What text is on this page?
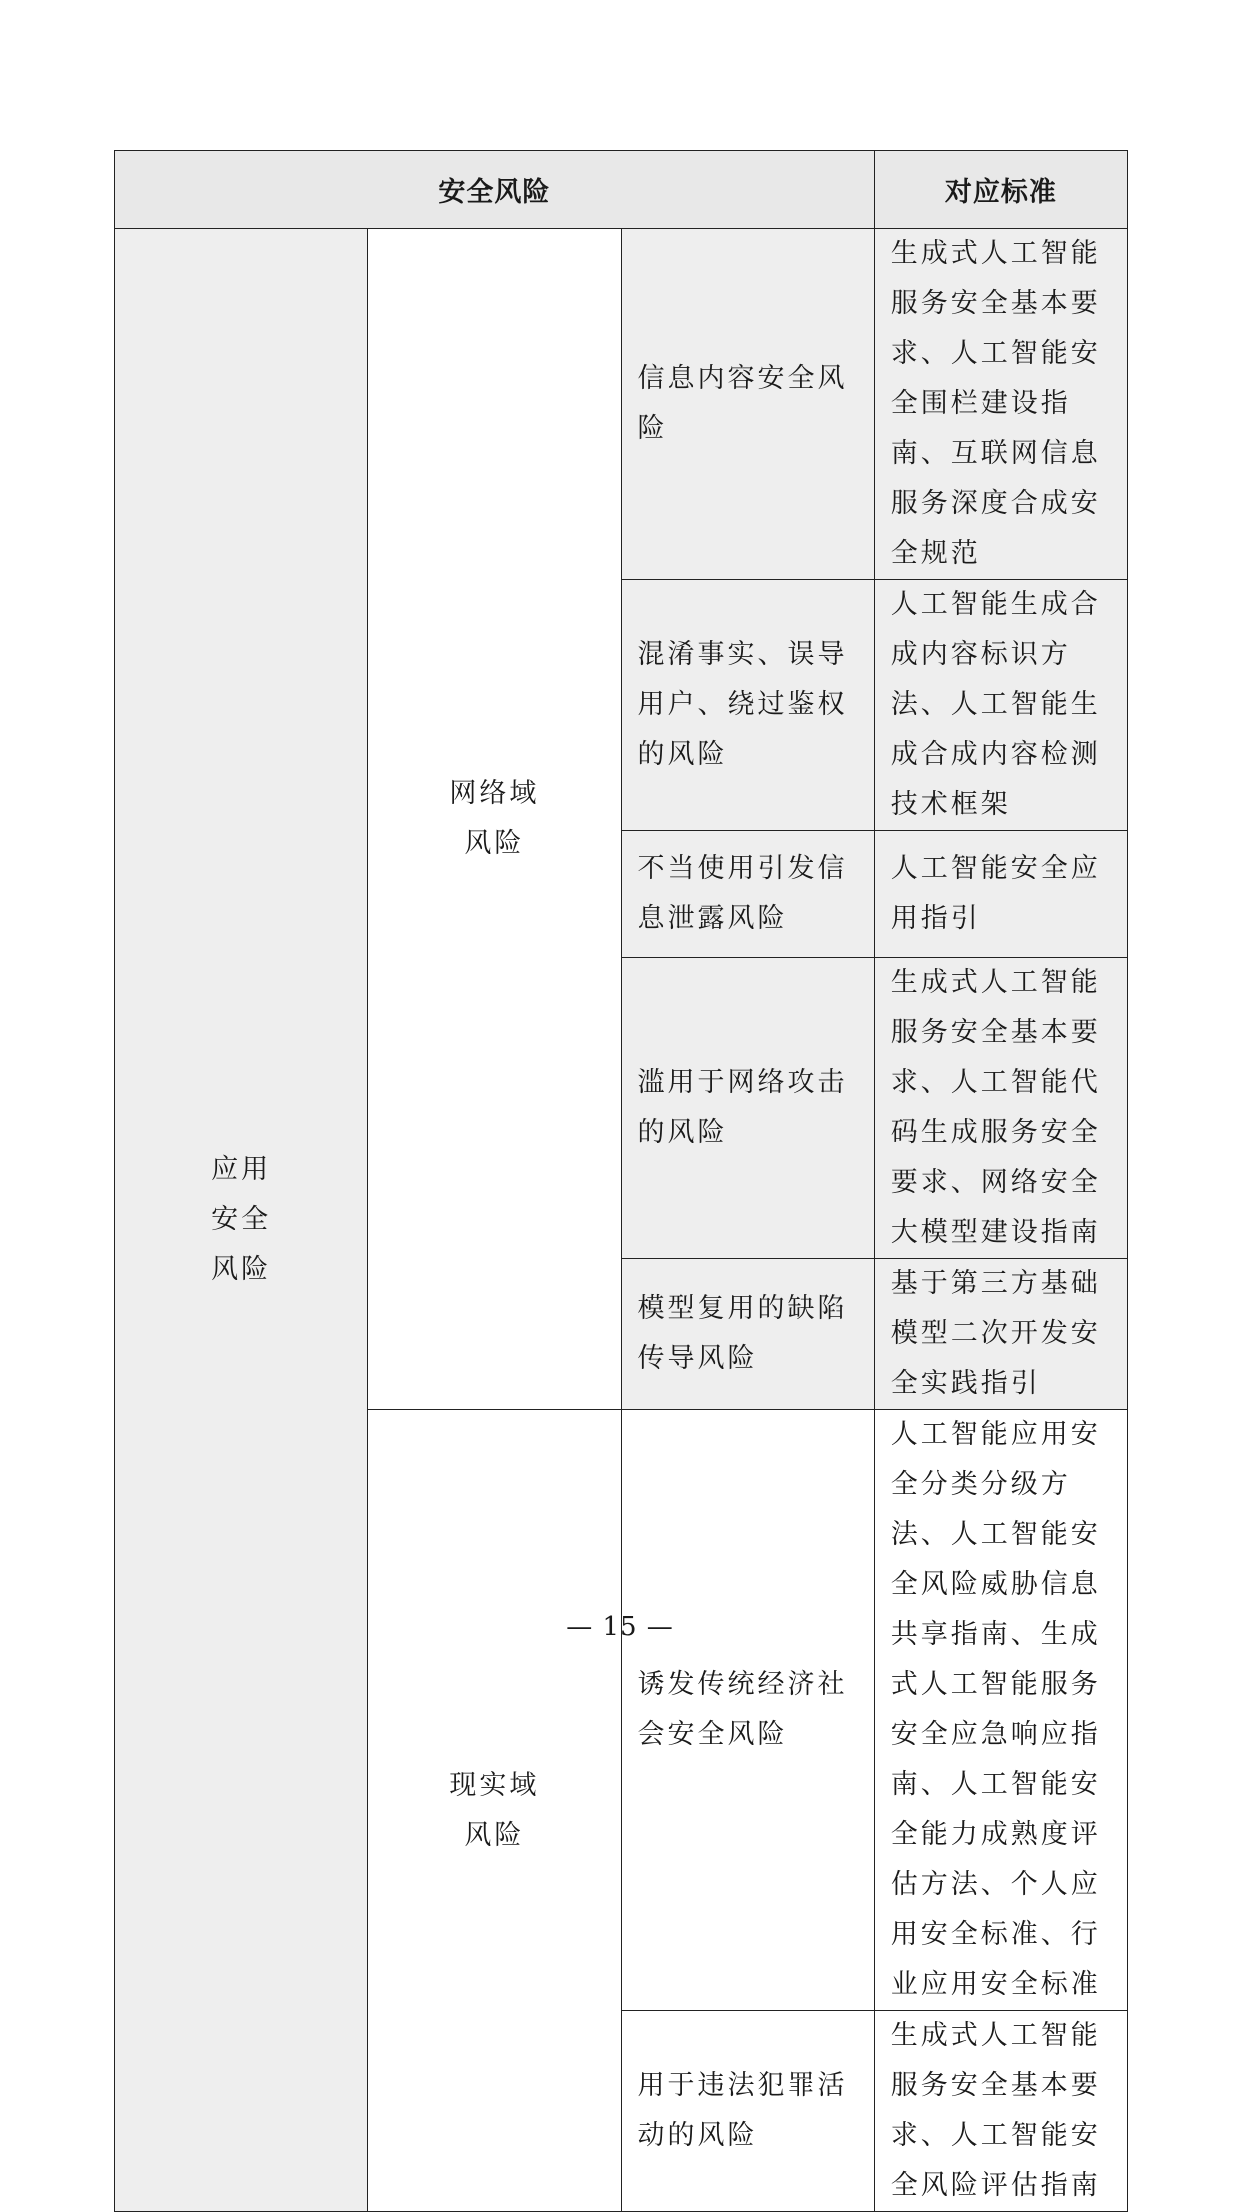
安全风险			对应标准
应用安全风险	网络域风险	信息内容安全风险	生成式人工智能服务安全基本要求、人工智能安全围栏建设指南、互联网信息服务深度合成安全规范

		混淆事实、误导用户、绕过鉴权的风险	人工智能生成合成内容标识方法、人工智能生成合成内容检测技术框架

		不当使用引发信息泄露风险	人工智能安全应用指引

		滥用于网络攻击的风险	生成式人工智能服务安全基本要求、人工智能代码生成服务安全要求、网络安全大模型建设指南

		模型复用的缺陷传导风险	基于第三方基础模型二次开发安全实践指引

	现实域风险	诱发传统经济社会安全风险	人工智能应用安全分类分级方法、人工智能安全风险威胁信息共享指南、生成式人工智能服务安全应急响应指南、人工智能安全能力成熟度评估方法、个人应用安全标准、行业应用安全标准

		用于违法犯罪活动的风险	生成式人工智能服务安全基本要求、人工智能安全风险评估指南
— 15 —
